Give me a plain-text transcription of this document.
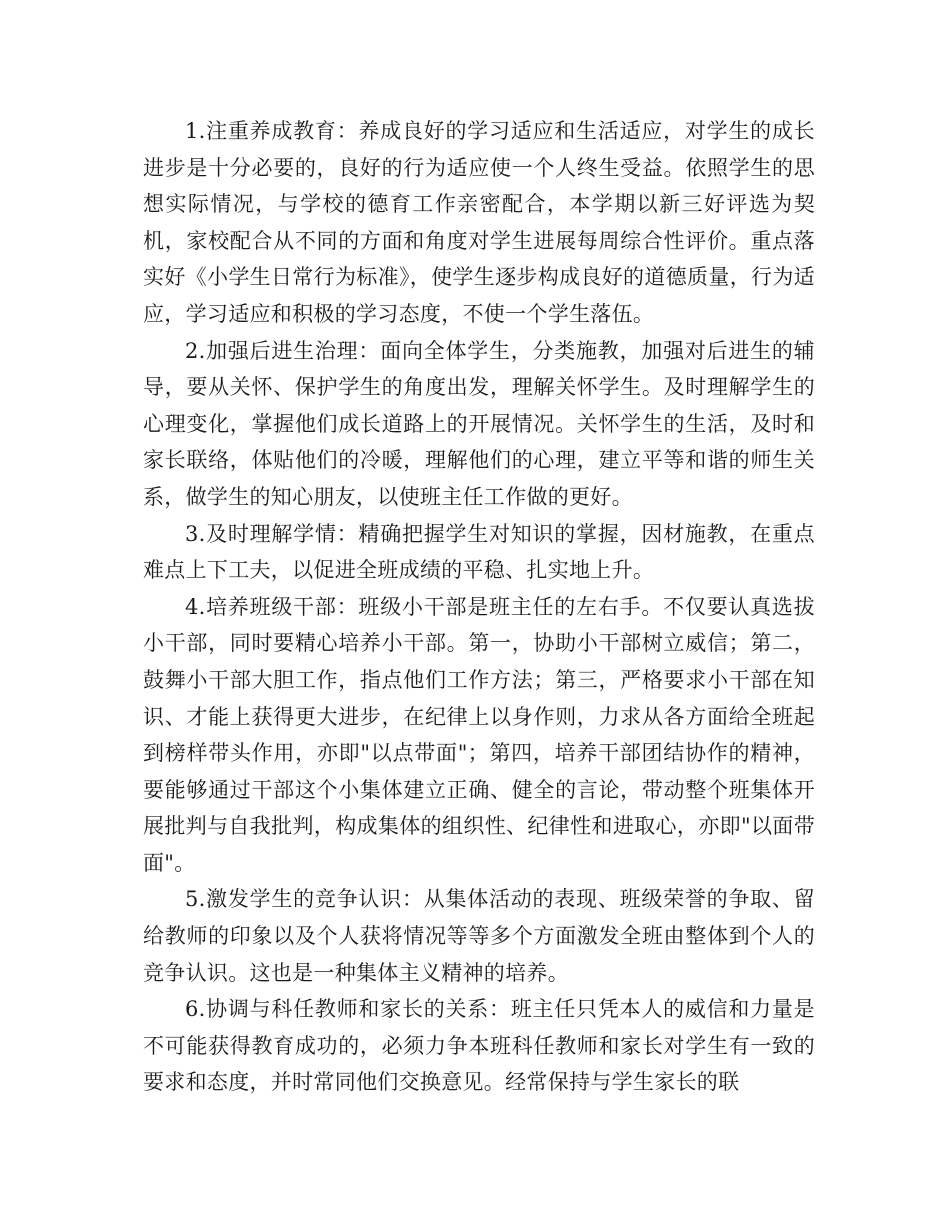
1.注重养成教育：养成良好的学习适应和生活适应，对学生的成长进步是十分必要的，良好的行为适应使一个人终生受益。依照学生的思想实际情况，与学校的德育工作亲密配合，本学期以新三好评选为契机，家校配合从不同的方面和角度对学生进展每周综合性评价。重点落实好《小学生日常行为标准》，使学生逐步构成良好的道德质量，行为适应，学习适应和积极的学习态度，不使一个学生落伍。

2.加强后进生治理：面向全体学生，分类施教，加强对后进生的辅导，要从关怀、保护学生的角度出发，理解关怀学生。及时理解学生的心理变化，掌握他们成长道路上的开展情况。关怀学生的生活，及时和家长联络，体贴他们的冷暖，理解他们的心理，建立平等和谐的师生关系，做学生的知心朋友，以使班主任工作做的更好。

3.及时理解学情：精确把握学生对知识的掌握，因材施教，在重点难点上下工夫，以促进全班成绩的平稳、扎实地上升。

4.培养班级干部：班级小干部是班主任的左右手。不仅要认真选拔小干部，同时要精心培养小干部。第一，协助小干部树立威信；第二，鼓舞小干部大胆工作，指点他们工作方法；第三，严格要求小干部在知识、才能上获得更大进步，在纪律上以身作则，力求从各方面给全班起到榜样带头作用，亦即"以点带面"；第四，培养干部团结协作的精神，要能够通过干部这个小集体建立正确、健全的言论，带动整个班集体开展批判与自我批判，构成集体的组织性、纪律性和进取心，亦即"以面带面"。

5.激发学生的竞争认识：从集体活动的表现、班级荣誉的争取、留给教师的印象以及个人获将情况等等多个方面激发全班由整体到个人的竞争认识。这也是一种集体主义精神的培养。

6.协调与科任教师和家长的关系：班主任只凭本人的威信和力量是不可能获得教育成功的，必须力争本班科任教师和家长对学生有一致的要求和态度，并时常同他们交换意见。经常保持与学生家长的联
